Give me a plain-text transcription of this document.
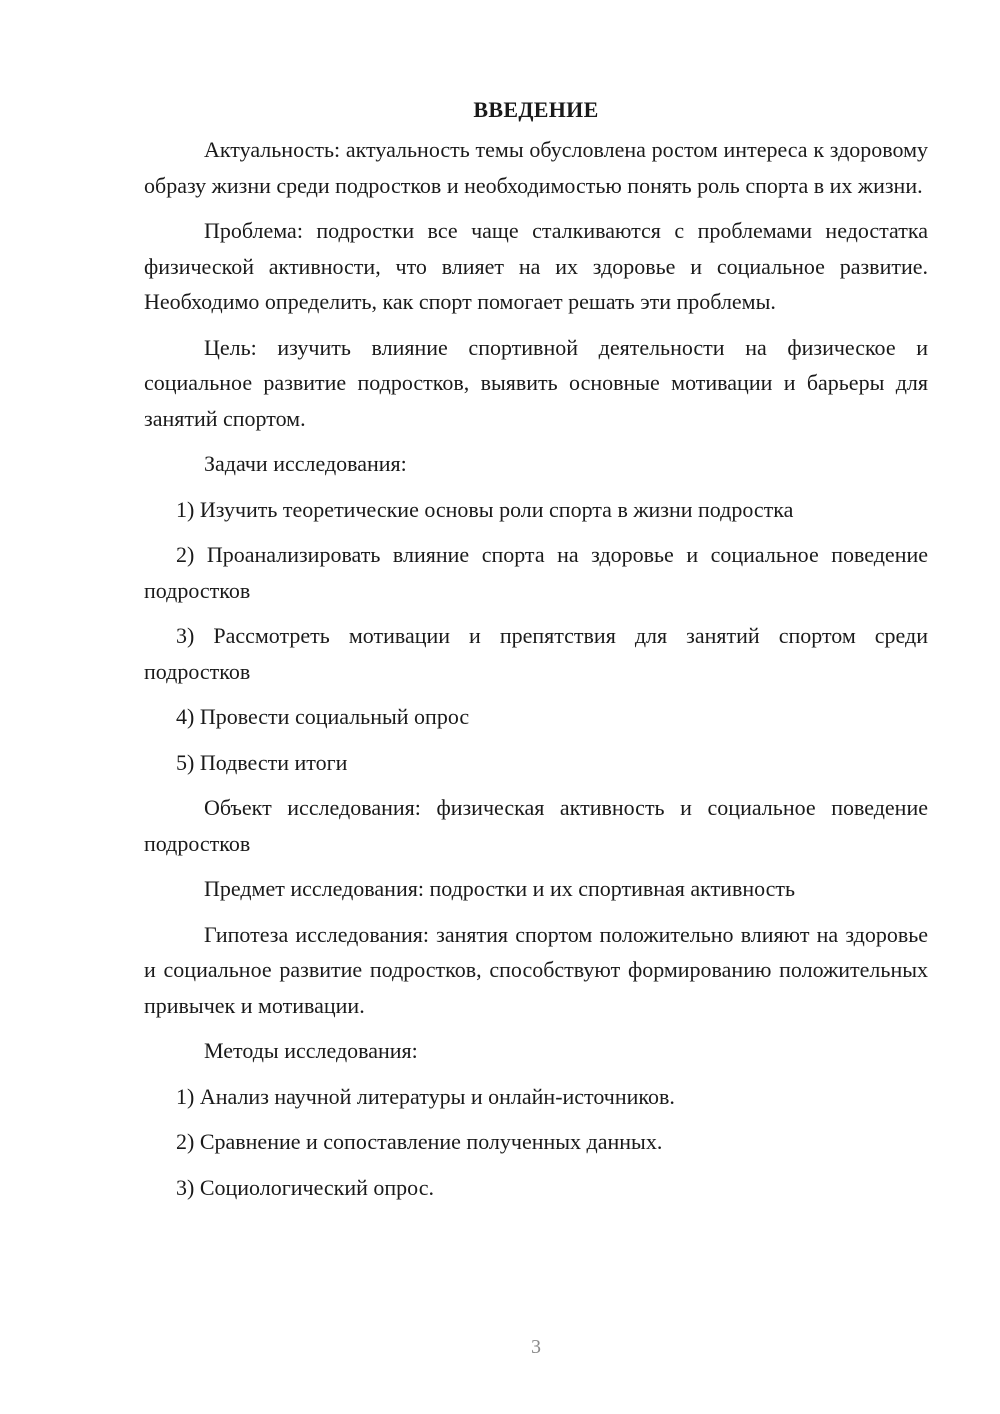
ВВЕДЕНИЕ

Актуальность: актуальность темы обусловлена ростом интереса к здоровому образу жизни среди подростков и необходимостью понять роль спорта в их жизни.

Проблема: подростки все чаще сталкиваются с проблемами недостатка физической активности, что влияет на их здоровье и социальное развитие. Необходимо определить, как спорт помогает решать эти проблемы.

Цель: изучить влияние спортивной деятельности на физическое и социальное развитие подростков, выявить основные мотивации и барьеры для занятий спортом.

Задачи исследования:

1) Изучить теоретические основы роли спорта в жизни подростка

2) Проанализировать влияние спорта на здоровье и социальное поведение подростков

3) Рассмотреть мотивации и препятствия для занятий спортом среди подростков

4) Провести социальный опрос

5) Подвести итоги

Объект исследования: физическая активность и социальное поведение подростков

Предмет исследования: подростки и их спортивная активность

Гипотеза исследования: занятия спортом положительно влияют на здоровье и социальное развитие подростков, способствуют формированию положительных привычек и мотивации.

Методы исследования:

1) Анализ научной литературы и онлайн-источников.

2) Сравнение и сопоставление полученных данных.

3) Социологический опрос.

3
